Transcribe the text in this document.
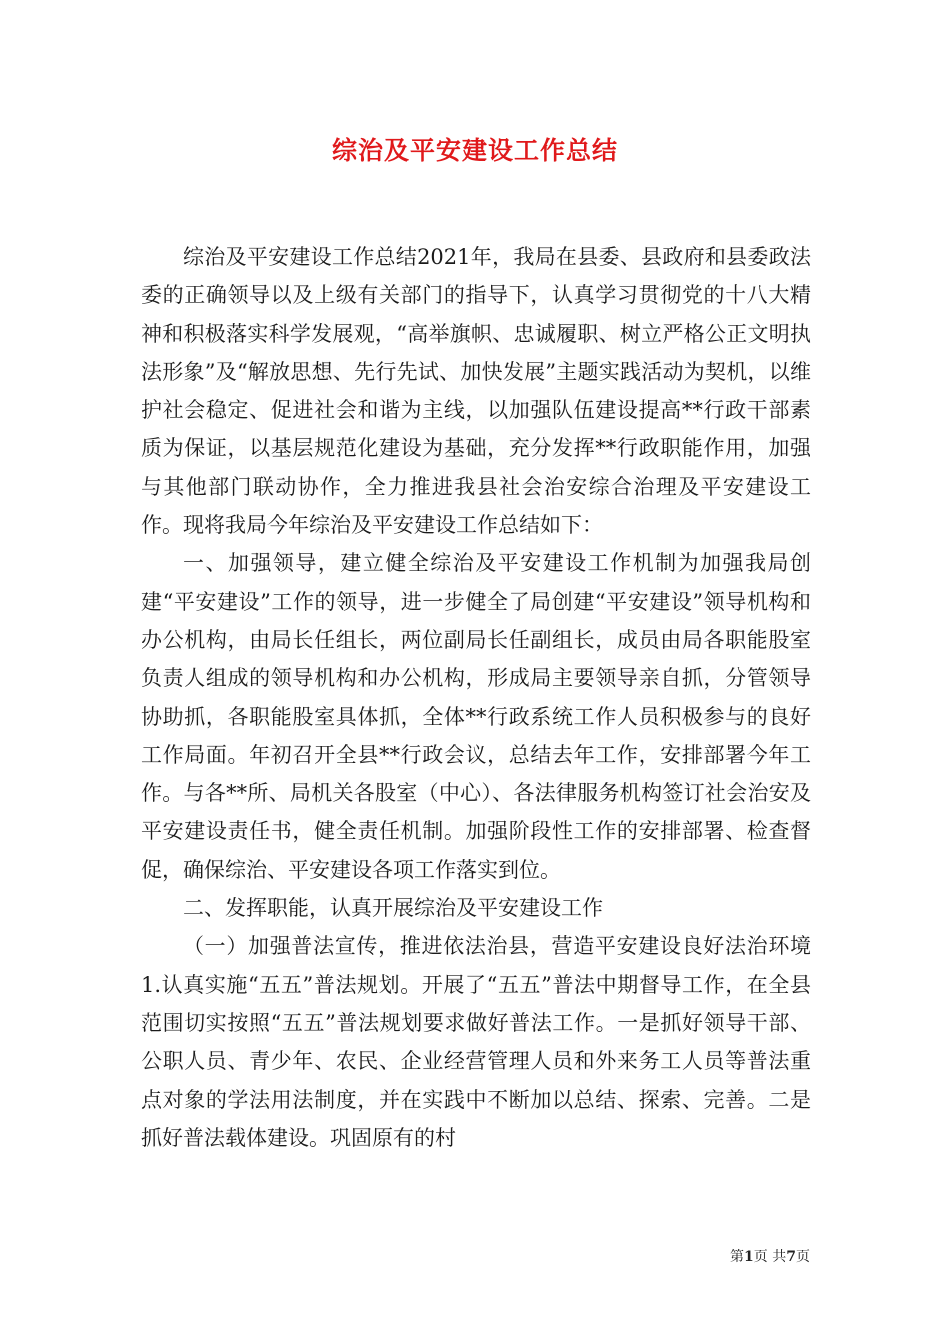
综治及平安建设工作总结

综治及平安建设工作总结2021年，我局在县委、县政府和县委政法委的正确领导以及上级有关部门的指导下，认真学习贯彻党的十八大精神和积极落实科学发展观，“高举旗帜、忠诚履职、树立严格公正文明执法形象”及“解放思想、先行先试、加快发展”主题实践活动为契机，以维护社会稳定、促进社会和谐为主线，以加强队伍建设提高**行政干部素质为保证，以基层规范化建设为基础，充分发挥**行政职能作用，加强与其他部门联动协作，全力推进我县社会治安综合治理及平安建设工作。现将我局今年综治及平安建设工作总结如下：

一、加强领导，建立健全综治及平安建设工作机制为加强我局创建“平安建设”工作的领导，进一步健全了局创建“平安建设”领导机构和办公机构，由局长任组长，两位副局长任副组长，成员由局各职能股室负责人组成的领导机构和办公机构，形成局主要领导亲自抓，分管领导协助抓，各职能股室具体抓，全体**行政系统工作人员积极参与的良好工作局面。年初召开全县**行政会议，总结去年工作，安排部署今年工作。与各**所、局机关各股室（中心）、各法律服务机构签订社会治安及平安建设责任书，健全责任机制。加强阶段性工作的安排部署、检查督促，确保综治、平安建设各项工作落实到位。

二、发挥职能，认真开展综治及平安建设工作

（一）加强普法宣传，推进依法治县，营造平安建设良好法治环境1.认真实施“五五”普法规划。开展了“五五”普法中期督导工作，在全县范围切实按照“五五”普法规划要求做好普法工作。一是抓好领导干部、公职人员、青少年、农民、企业经营管理人员和外来务工人员等普法重点对象的学法用法制度，并在实践中不断加以总结、探索、完善。二是抓好普法载体建设。巩固原有的村

第1页 共7页
